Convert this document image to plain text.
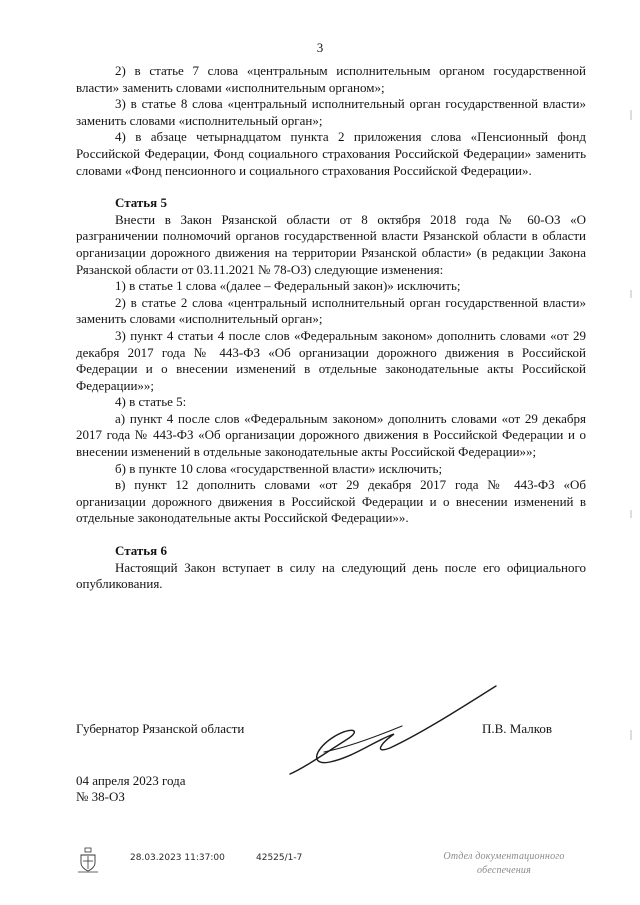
3

2) в статье 7 слова «центральным исполнительным органом государственной власти» заменить словами «исполнительным органом»;

3) в статье 8 слова «центральный исполнительный орган государственной власти» заменить словами «исполнительный орган»;

4) в абзаце четырнадцатом пункта 2 приложения слова «Пенсионный фонд Российской Федерации, Фонд социального страхования Российской Федерации» заменить словами «Фонд пенсионного и социального страхования Российской Федерации».

Статья 5

Внести в Закон Рязанской области от 8 октября 2018 года № 60-ОЗ «О разграничении полномочий органов государственной власти Рязанской области в области организации дорожного движения на территории Рязанской области» (в редакции Закона Рязанской области от 03.11.2021 № 78-ОЗ) следующие изменения:

1) в статье 1 слова «(далее – Федеральный закон)» исключить;

2) в статье 2 слова «центральный исполнительный орган государственной власти» заменить словами «исполнительный орган»;

3) пункт 4 статьи 4 после слов «Федеральным законом» дополнить словами «от 29 декабря 2017 года № 443-ФЗ «Об организации дорожного движения в Российской Федерации и о внесении изменений в отдельные законодательные акты Российской Федерации»»;

4) в статье 5:

а) пункт 4 после слов «Федеральным законом» дополнить словами «от 29 декабря 2017 года № 443-ФЗ «Об организации дорожного движения в Российской Федерации и о внесении изменений в отдельные законодательные акты Российской Федерации»»;

б) в пункте 10 слова «государственной власти» исключить;

в) пункт 12 дополнить словами «от 29 декабря 2017 года № 443-ФЗ «Об организации дорожного движения в Российской Федерации и о внесении изменений в отдельные законодательные акты Российской Федерации»».

Статья 6

Настоящий Закон вступает в силу на следующий день после его официального опубликования.

Губернатор Рязанской области	П.В. Малков
04 апреля 2023 года
№ 38-ОЗ
28.03.2023 11:37:00	42525/1-7	Отдел документационного
обеспечения
